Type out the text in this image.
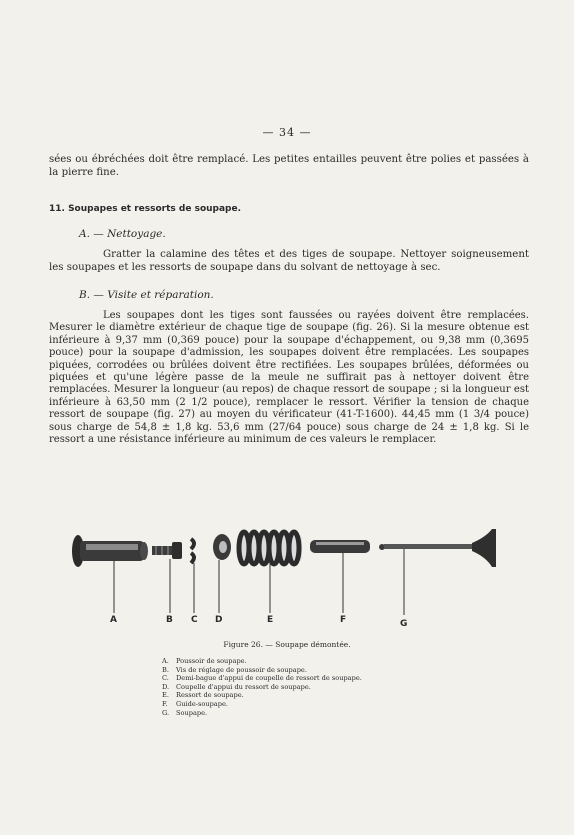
— 34 —
sées ou ébréchées doit être remplacé. Les petites entailles peuvent être polies et passées à la pierre fine.
11. Soupapes et ressorts de soupape.
A. — Nettoyage.
Gratter la calamine des têtes et des tiges de soupape. Nettoyer soigneusement les soupapes et les ressorts de soupape dans du solvant de nettoyage à sec.
B. — Visite et réparation.
Les soupapes dont les tiges sont faussées ou rayées doivent être remplacées. Mesurer le diamètre extérieur de chaque tige de soupape (fig. 26). Si la mesure obtenue est inférieure à 9,37 mm (0,369 pouce) pour la soupape d'échappement, ou 9,38 mm (0,3695 pouce) pour la soupape d'admission, les soupapes doivent être remplacées. Les soupapes piquées, corrodées ou brûlées doivent être rectifiées. Les soupapes brûlées, déformées ou piquées et qu'une légère passe de la meule ne suffirait pas à nettoyer doivent être remplacées. Mesurer la longueur (au repos) de chaque ressort de soupape ; si la longueur est inférieure à 63,50 mm (2 1/2 pouce), remplacer le ressort. Vérifier la tension de chaque ressort de soupape (fig. 27) au moyen du vérificateur (41-T-1600). 44,45 mm (1 3/4 pouce) sous charge de 54,8 ± 1,8 kg. 53,6 mm (27/64 pouce) sous charge de 24 ± 1,8 kg. Si le ressort a une résistance inférieure au minimum de ces valeurs le remplacer.
A	B C D	E	F	G
Figure 26. — Soupape démontée.
A.	Poussoir de soupape.
B.	Vis de réglage de poussoir de soupape.
C.	Demi-bague d'appui de coupelle de ressort de soupape.
D.	Coupelle d'appui du ressort de soupape.
E.	Ressort de soupape.
F.	Guide-soupape.
G.	Soupape.
